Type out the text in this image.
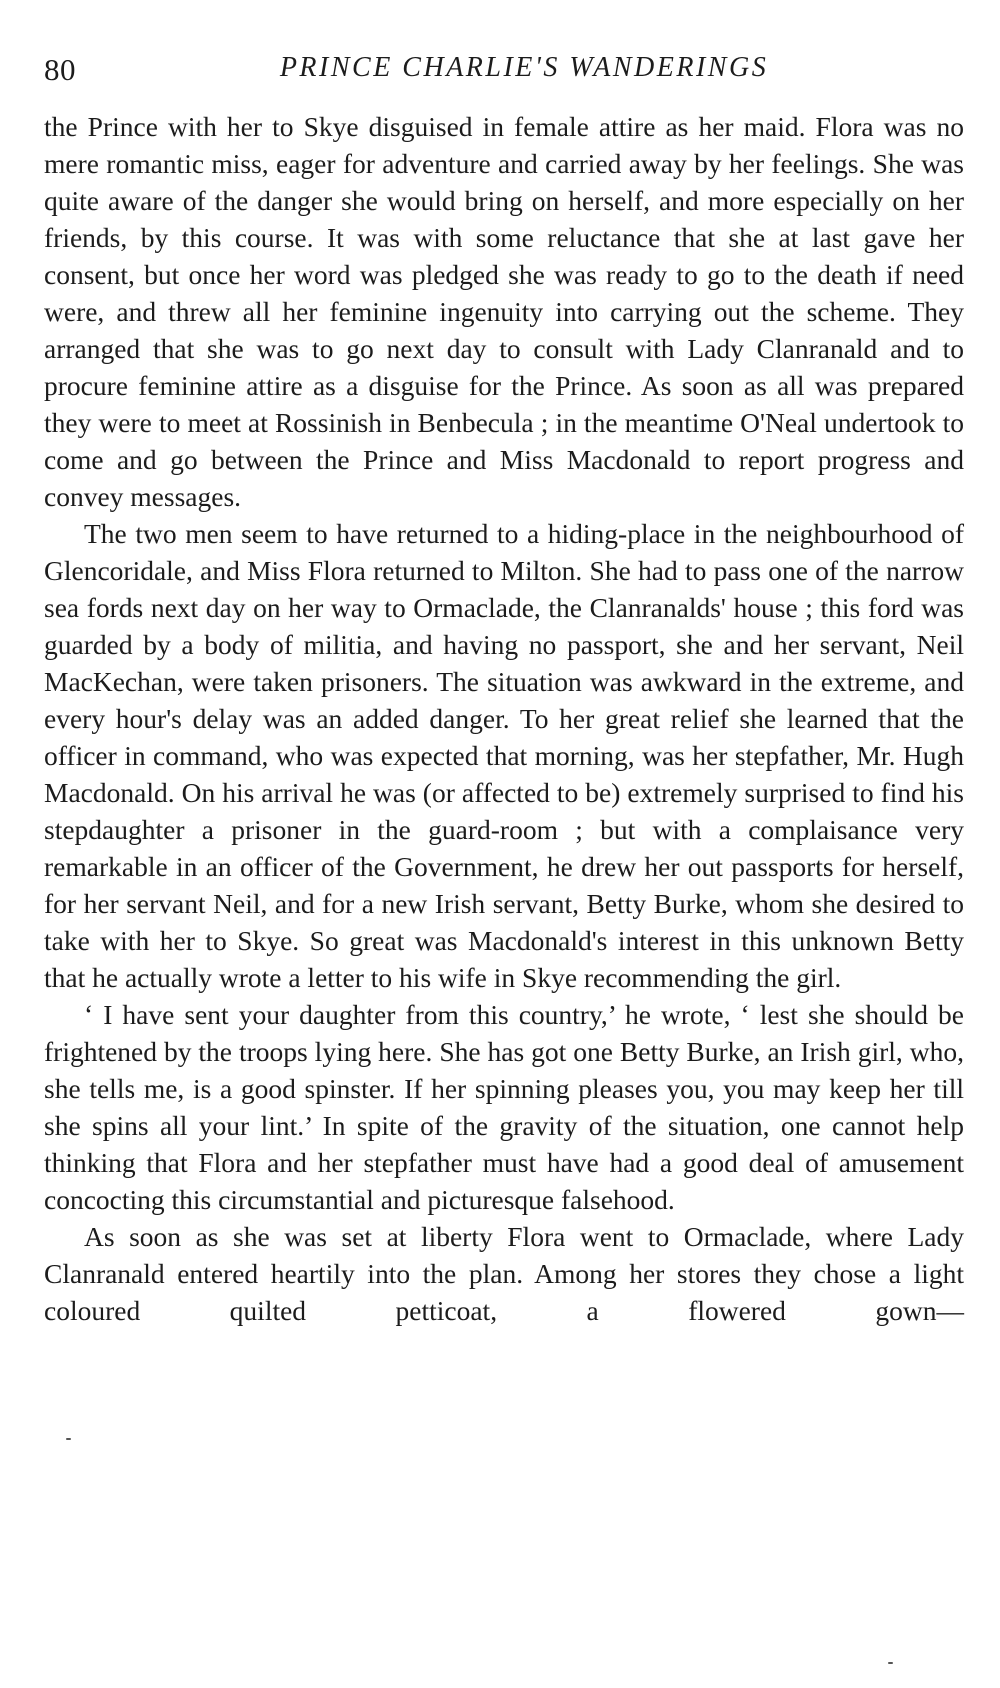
80	PRINCE CHARLIE'S WANDERINGS

the Prince with her to Skye disguised in female attire as her maid. Flora was no mere romantic miss, eager for adventure and carried away by her feelings. She was quite aware of the danger she would bring on herself, and more especially on her friends, by this course. It was with some reluctance that she at last gave her consent, but once her word was pledged she was ready to go to the death if need were, and threw all her feminine ingenuity into carrying out the scheme. They arranged that she was to go next day to consult with Lady Clanranald and to procure feminine attire as a disguise for the Prince. As soon as all was prepared they were to meet at Rossinish in Benbecula ; in the meantime O'Neal undertook to come and go between the Prince and Miss Macdonald to report progress and convey messages.

The two men seem to have returned to a hiding-place in the neighbourhood of Glencoridale, and Miss Flora returned to Milton. She had to pass one of the narrow sea fords next day on her way to Ormaclade, the Clanranalds' house ; this ford was guarded by a body of militia, and having no passport, she and her servant, Neil MacKechan, were taken prisoners. The situation was awkward in the extreme, and every hour's delay was an added danger. To her great relief she learned that the officer in command, who was expected that morning, was her stepfather, Mr. Hugh Macdonald. On his arrival he was (or affected to be) extremely surprised to find his stepdaughter a prisoner in the guard-room ; but with a complaisance very remarkable in an officer of the Government, he drew her out passports for herself, for her servant Neil, and for a new Irish servant, Betty Burke, whom she desired to take with her to Skye. So great was Macdonald's interest in this unknown Betty that he actually wrote a letter to his wife in Skye recommending the girl.

‘ I have sent your daughter from this country,’ he wrote, ‘ lest she should be frightened by the troops lying here. She has got one Betty Burke, an Irish girl, who, she tells me, is a good spinster. If her spinning pleases you, you may keep her till she spins all your lint.’ In spite of the gravity of the situation, one cannot help thinking that Flora and her stepfather must have had a good deal of amusement concocting this circumstantial and picturesque falsehood.

As soon as she was set at liberty Flora went to Ormaclade, where Lady Clanranald entered heartily into the plan. Among her stores they chose a light coloured quilted petticoat, a flowered gown—
